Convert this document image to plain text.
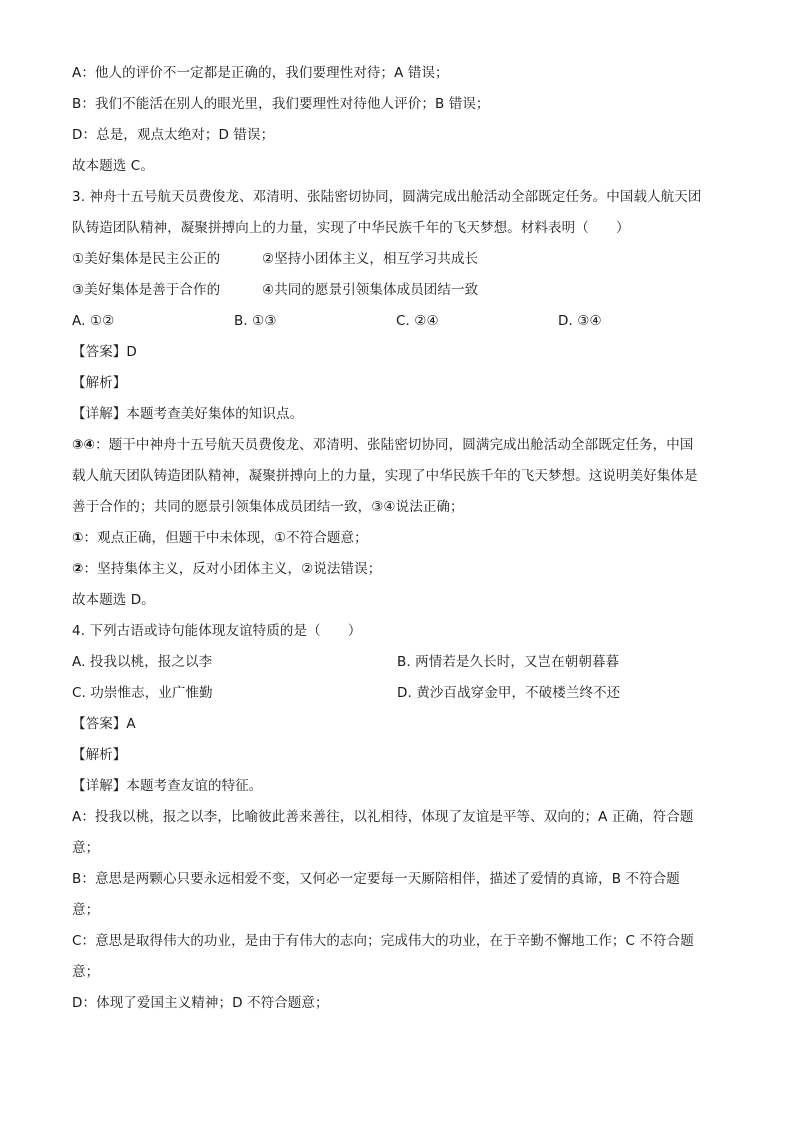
A：他人的评价不一定都是正确的，我们要理性对待；A 错误；
B：我们不能活在别人的眼光里，我们要理性对待他人评价；B 错误；
D：总是，观点太绝对；D 错误；
故本题选 C。
3. 神舟十五号航天员费俊龙、邓清明、张陆密切协同，圆满完成出舱活动全部既定任务。中国载人航天团
队铸造团队精神，凝聚拼搏向上的力量，实现了中华民族千年的飞天梦想。材料表明（　　）
①美好集体是民主公正的	②坚持小团体主义，相互学习共成长
③美好集体是善于合作的	④共同的愿景引领集体成员团结一致
A. ①②	B. ①③	C. ②④	D. ③④
【答案】D
【解析】
【详解】本题考查美好集体的知识点。
③④：题干中神舟十五号航天员费俊龙、邓清明、张陆密切协同，圆满完成出舱活动全部既定任务，中国
载人航天团队铸造团队精神，凝聚拼搏向上的力量，实现了中华民族千年的飞天梦想。这说明美好集体是
善于合作的；共同的愿景引领集体成员团结一致，③④说法正确；
①：观点正确，但题干中未体现，①不符合题意；
②：坚持集体主义，反对小团体主义，②说法错误；
故本题选 D。
4. 下列古语或诗句能体现友谊特质的是（　　）
A. 投我以桃，报之以李	B. 两情若是久长时，又岂在朝朝暮暮
C. 功崇惟志，业广惟勤	D. 黄沙百战穿金甲，不破楼兰终不还
【答案】A
【解析】
【详解】本题考查友谊的特征。
A：投我以桃，报之以李，比喻彼此善来善往，以礼相待，体现了友谊是平等、双向的；A 正确，符合题
意；
B：意思是两颗心只要永远相爱不变，又何必一定要每一天厮陪相伴，描述了爱情的真谛，B 不符合题
意；
C：意思是取得伟大的功业，是由于有伟大的志向；完成伟大的功业，在于辛勤不懈地工作；C 不符合题
意；
D：体现了爱国主义精神；D 不符合题意；
